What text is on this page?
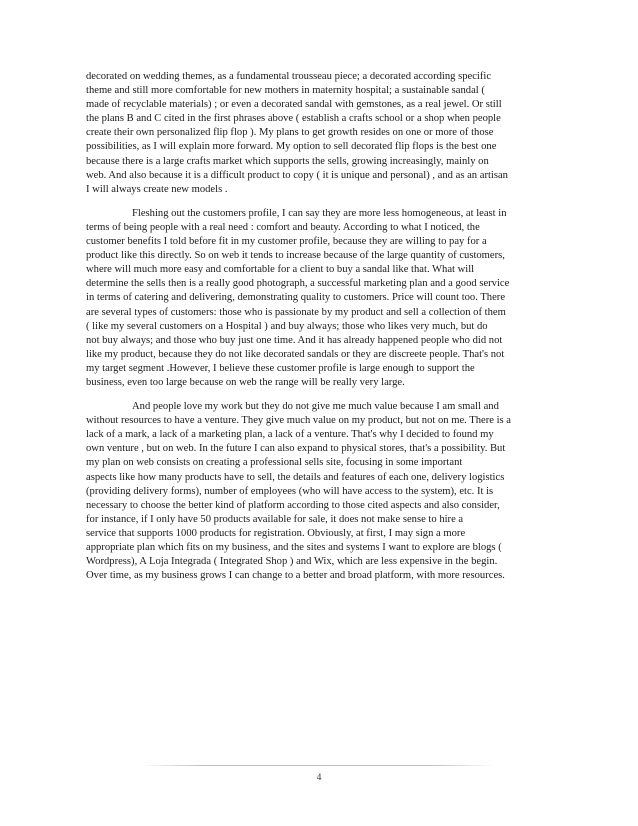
decorated on wedding themes, as a fundamental trousseau piece; a decorated according specific
theme and still more comfortable for new mothers in maternity hospital; a sustainable sandal (
made of recyclable materials) ; or even a decorated sandal with gemstones, as a real jewel. Or still
the plans B and C cited in the first phrases above ( establish a crafts school or a shop when people
create their own personalized flip flop ). My plans to get growth resides on one or more of those
possibilities, as I will explain more forward. My option to sell decorated flip flops is the best one
because there is a large crafts market which supports the sells, growing increasingly, mainly on
web. And also because it is a difficult product to copy ( it is unique and personal) , and as an artisan
I will always create new models .

Fleshing out the customers profile, I can say they are more less homogeneous, at least in
terms of being people with a real need : comfort and beauty. According to what I noticed, the
customer benefits I told before fit in my customer profile, because they are willing to pay for a
product like this directly. So on web it tends to increase because of the large quantity of customers,
where will much more easy and comfortable for a client to buy a sandal like that. What will
determine the sells then is a really good photograph, a successful marketing plan and a good service
in terms of catering and delivering, demonstrating quality to customers. Price will count too. There
are several types of customers: those who is passionate by my product and sell a collection of them
( like my several customers on a Hospital ) and buy always; those who likes very much, but do
not buy always; and those who buy just one time. And it has already happened people who did not
like my product, because they do not like decorated sandals or they are discreete people. That's not
my target segment .However, I believe these customer profile is large enough to support the
business, even too large because on web the range will be really very large.

And people love my work but they do not give me much value because I am small and
without resources to have a venture. They give much value on my product, but not on me. There is a
lack of a mark, a lack of a marketing plan, a lack of a venture. That's why I decided to found my
own venture , but on web. In the future I can also expand to physical stores, that's a possibility. But
my plan on web consists on creating a professional sells site, focusing in some important
aspects like how many products have to sell, the details and features of each one, delivery logistics
(providing delivery forms), number of employees (who will have access to the system), etc. It is
necessary to choose the better kind of platform according to those cited aspects and also consider,
for instance, if I only have 50 products available for sale, it does not make sense to hire a
service that supports 1000 products for registration. Obviously, at first, I may sign a more
appropriate plan which fits on my business, and the sites and systems I want to explore are blogs (
Wordpress), A Loja Integrada ( Integrated Shop ) and Wix, which are less expensive in the begin.
Over time, as my business grows I can change to a better and broad platform, with more resources.

4
